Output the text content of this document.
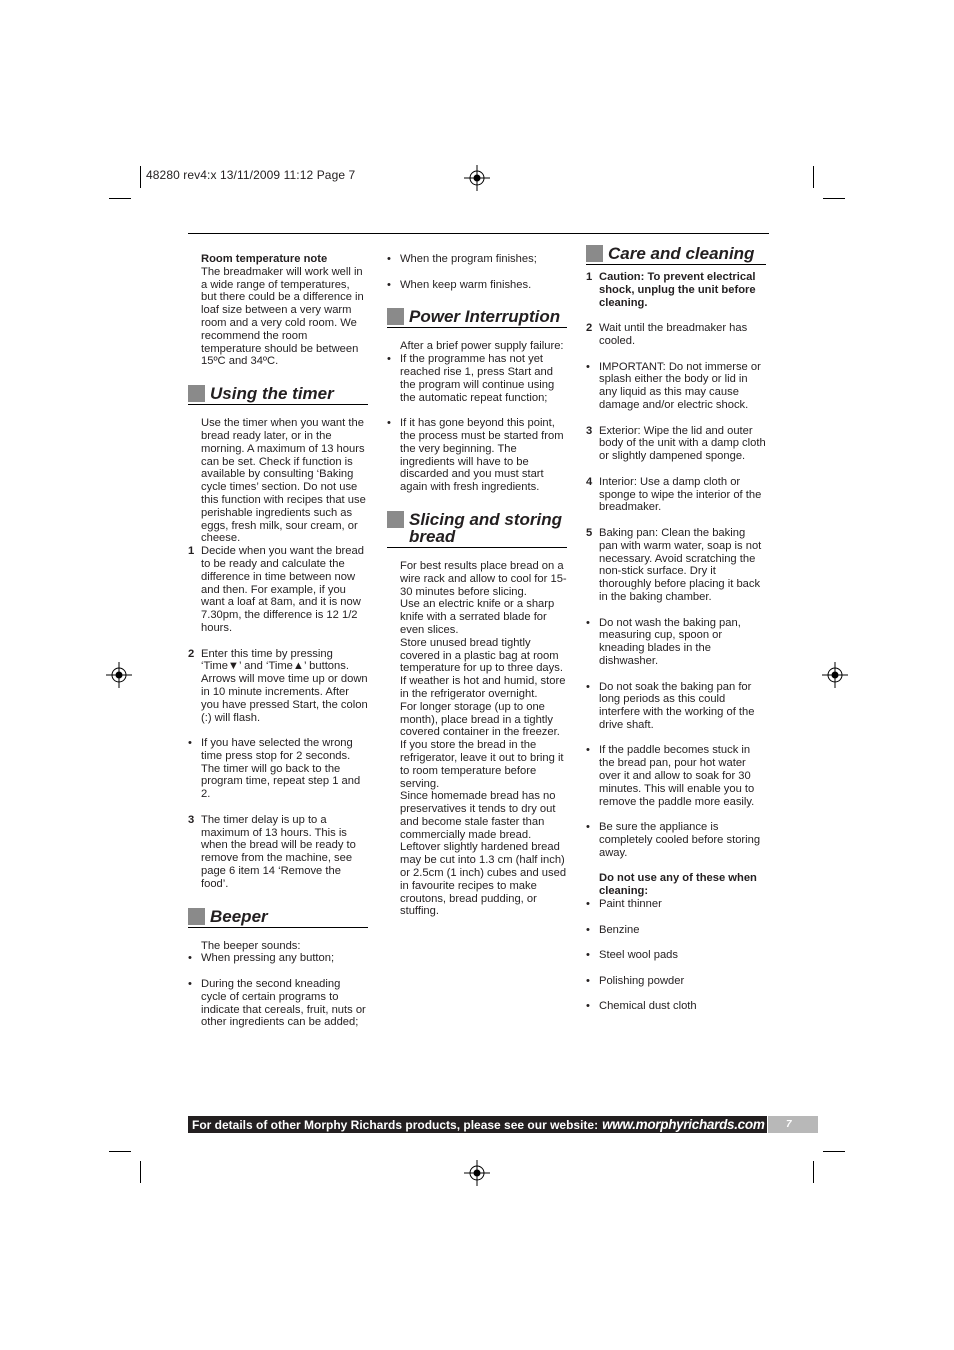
48280 rev4:x 13/11/2009 11:12 Page 7

Room temperature note
The breadmaker will work well in a wide range of temperatures, but there could be a difference in loaf size between a very warm room and a very cold room. We recommend the room temperature should be between 15ºC and 34ºC.

Using the timer

Use the timer when you want the bread ready later, or in the morning. A maximum of 13 hours can be set. Check if function is available by consulting ‘Baking cycle times’ section. Do not use this function with recipes that use perishable ingredients such as eggs, fresh milk, sour cream, or cheese.

1 Decide when you want the bread to be ready and calculate the difference in time between now and then. For example, if you want a loaf at 8am, and it is now 7.30pm, the difference is 12 1/2 hours.
2 Enter this time by pressing ‘Time▼’ and ‘Time▲’ buttons. Arrows will move time up or down in 10 minute increments. After you have pressed Start, the colon (:) will flash.
• If you have selected the wrong time press stop for 2 seconds. The timer will go back to the program time, repeat step 1 and 2.
3 The timer delay is up to a maximum of 13 hours. This is when the bread will be ready to remove from the machine, see page 6 item 14 ‘Remove the food’.
Beeper

The beeper sounds:

• When pressing any button;
• During the second kneading cycle of certain programs to indicate that cereals, fruit, nuts or other ingredients can be added;
• When the program finishes;
• When keep warm finishes.
Power Interruption

After a brief power supply failure:

• If the programme has not yet reached rise 1, press Start and the program will continue using the automatic repeat function;
• If it has gone beyond this point, the process must be started from the very beginning. The ingredients will have to be discarded and you must start again with fresh ingredients.
Slicing and storing
bread

For best results place bread on a wire rack and allow to cool for 15-30 minutes before slicing.

Use an electric knife or a sharp knife with a serrated blade for even slices.

Store unused bread tightly covered in a plastic bag at room temperature for up to three days. If weather is hot and humid, store in the refrigerator overnight.

For longer storage (up to one month), place bread in a tightly covered container in the freezer.

If you store the bread in the refrigerator, leave it out to bring it to room temperature before serving.

Since homemade bread has no preservatives it tends to dry out and become stale faster than commercially made bread.

Leftover slightly hardened bread may be cut into 1.3 cm (half inch) or 2.5cm (1 inch) cubes and used in favourite recipes to make croutons, bread pudding, or stuffing.

Care and cleaning
1 Caution: To prevent electrical shock, unplug the unit before cleaning.
2 Wait until the breadmaker has cooled.
• IMPORTANT: Do not immerse or splash either the body or lid in any liquid as this may cause damage and/or electric shock.
3 Exterior: Wipe the lid and outer body of the unit with a damp cloth or slightly dampened sponge.
4 Interior: Use a damp cloth or sponge to wipe the interior of the breadmaker.
5 Baking pan: Clean the baking pan with warm water, soap is not necessary. Avoid scratching the non-stick surface. Dry it thoroughly before placing it back in the baking chamber.
• Do not wash the baking pan, measuring cup, spoon or kneading blades in the dishwasher.
• Do not soak the baking pan for long periods as this could interfere with the working of the drive shaft.
• If the paddle becomes stuck in the bread pan, pour hot water over it and allow to soak for 30 minutes. This will enable you to remove the paddle more easily.
• Be sure the appliance is completely cooled before storing away.

Do not use any of these when cleaning:

• Paint thinner
• Benzine
• Steel wool pads
• Polishing powder
• Chemical dust cloth
For details of other Morphy Richards products, please see our website: www.morphyrichards.com	7
